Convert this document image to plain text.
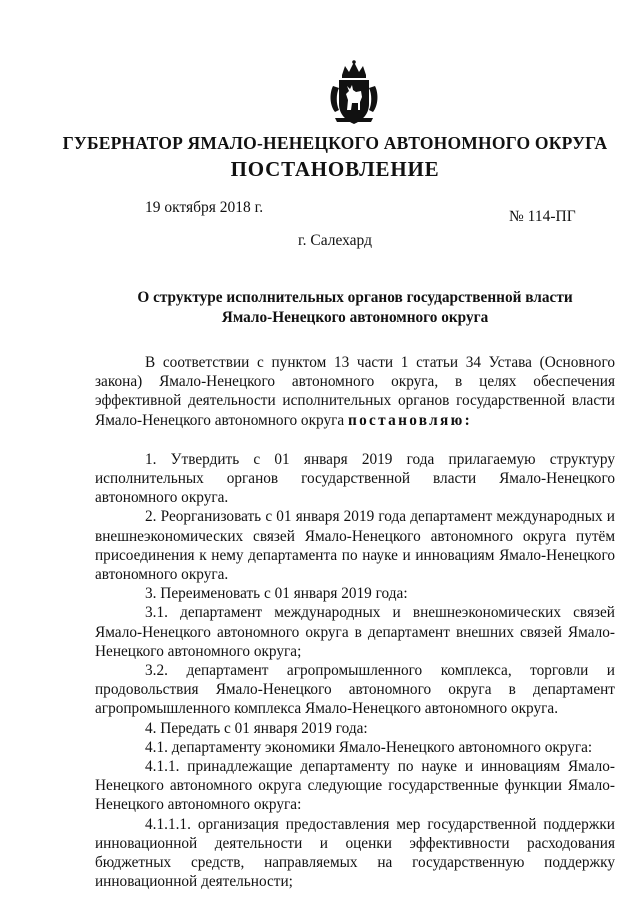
ГУБЕРНАТОР ЯМАЛО-НЕНЕЦКОГО АВТОНОМНОГО ОКРУГА
ПОСТАНОВЛЕНИЕ
19 октября 2018 г.
№ 114-ПГ
г. Салехард
О структуре исполнительных органов государственной власти
Ямало-Ненецкого автономного округа

В соответствии с пунктом 13 части 1 статьи 34 Устава (Основного закона) Ямало-Ненецкого автономного округа, в целях обеспечения эффективной деятельности исполнительных органов государственной власти Ямало-Ненецкого автономного округа постановляю:

1. Утвердить с 01 января 2019 года прилагаемую структуру исполнительных органов государственной власти Ямало-Ненецкого автономного округа.

2. Реорганизовать с 01 января 2019 года департамент международных и внешнеэкономических связей Ямало-Ненецкого автономного округа путём присоединения к нему департамента по науке и инновациям Ямало-Ненецкого автономного округа.

3. Переименовать с 01 января 2019 года:

3.1. департамент международных и внешнеэкономических связей Ямало-Ненецкого автономного округа в департамент внешних связей Ямало-Ненецкого автономного округа;

3.2. департамент агропромышленного комплекса, торговли и продовольствия Ямало-Ненецкого автономного округа в департамент агропромышленного комплекса Ямало-Ненецкого автономного округа.

4. Передать с 01 января 2019 года:

4.1. департаменту экономики Ямало-Ненецкого автономного округа:

4.1.1. принадлежащие департаменту по науке и инновациям Ямало-Ненецкого автономного округа следующие государственные функции Ямало-Ненецкого автономного округа:

4.1.1.1. организация предоставления мер государственной поддержки инновационной деятельности и оценки эффективности расходования бюджетных средств, направляемых на государственную поддержку инновационной деятельности;
